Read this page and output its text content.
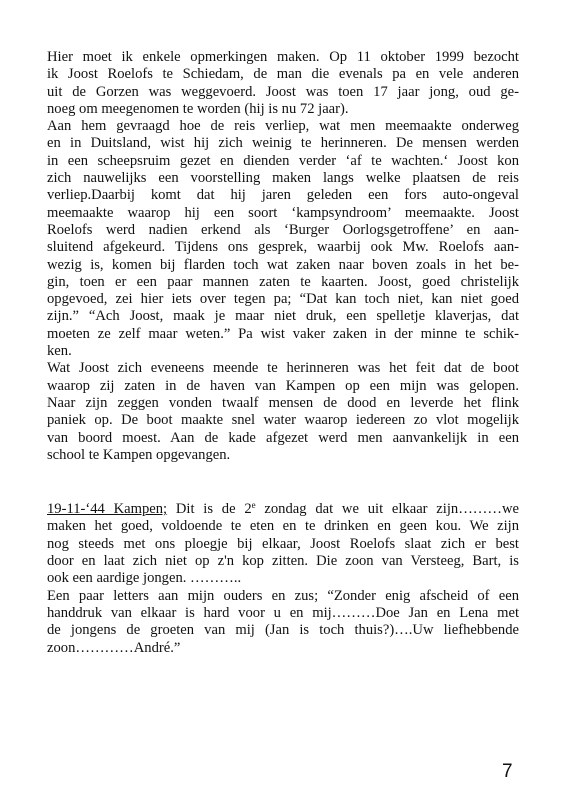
Hier moet ik enkele opmerkingen maken. Op 11 oktober 1999 bezocht
ik Joost Roelofs te Schiedam, de man die evenals pa en vele anderen
uit de Gorzen was weggevoerd. Joost was toen 17 jaar jong, oud ge-
noeg om meegenomen te worden (hij is nu 72 jaar).

Aan hem gevraagd hoe de reis verliep, wat men meemaakte onderweg
en in Duitsland, wist hij zich weinig te herinneren. De mensen werden
in een scheepsruim gezet en dienden verder ‘af te wachten.‘ Joost kon
zich nauwelijks een voorstelling maken langs welke plaatsen de reis
verliep.Daarbij komt dat hij jaren geleden een fors auto-ongeval
meemaakte waarop hij een soort ‘kampsyndroom’ meemaakte. Joost
Roelofs werd nadien erkend als ‘Burger Oorlogsgetroffene’ en aan-
sluitend afgekeurd. Tijdens ons gesprek, waarbij ook Mw. Roelofs aan-
wezig is, komen bij flarden toch wat zaken naar boven zoals in het be-
gin, toen er een paar mannen zaten te kaarten. Joost, goed christelijk
opgevoed, zei hier iets over tegen pa; “Dat kan toch niet, kan niet goed
zijn.” “Ach Joost, maak je maar niet druk, een spelletje klaverjas, dat
moeten ze zelf maar weten.” Pa wist vaker zaken in der minne te schik-
ken.

Wat Joost zich eveneens meende te herinneren was het feit dat de boot
waarop zij zaten in de haven van Kampen op een mijn was gelopen.
Naar zijn zeggen vonden twaalf mensen de dood en leverde het flink
paniek op. De boot maakte snel water waarop iedereen zo vlot mogelijk
van boord moest. Aan de kade afgezet werd men aanvankelijk in een
school te Kampen opgevangen.

19-11-‘44 Kampen; Dit is de 2e zondag dat we uit elkaar zijn………we
maken het goed, voldoende te eten en te drinken en geen kou. We zijn
nog steeds met ons ploegje bij elkaar, Joost Roelofs slaat zich er best
door en laat zich niet op z'n kop zitten. Die zoon van Versteeg, Bart, is
ook een aardige jongen. ………..

Een paar letters aan mijn ouders en zus; “Zonder enig afscheid of een
handdruk van elkaar is hard voor u en mij………Doe Jan en Lena met
de jongens de groeten van mij (Jan is toch thuis?)….Uw liefhebbende
zoon…………André.”

7
